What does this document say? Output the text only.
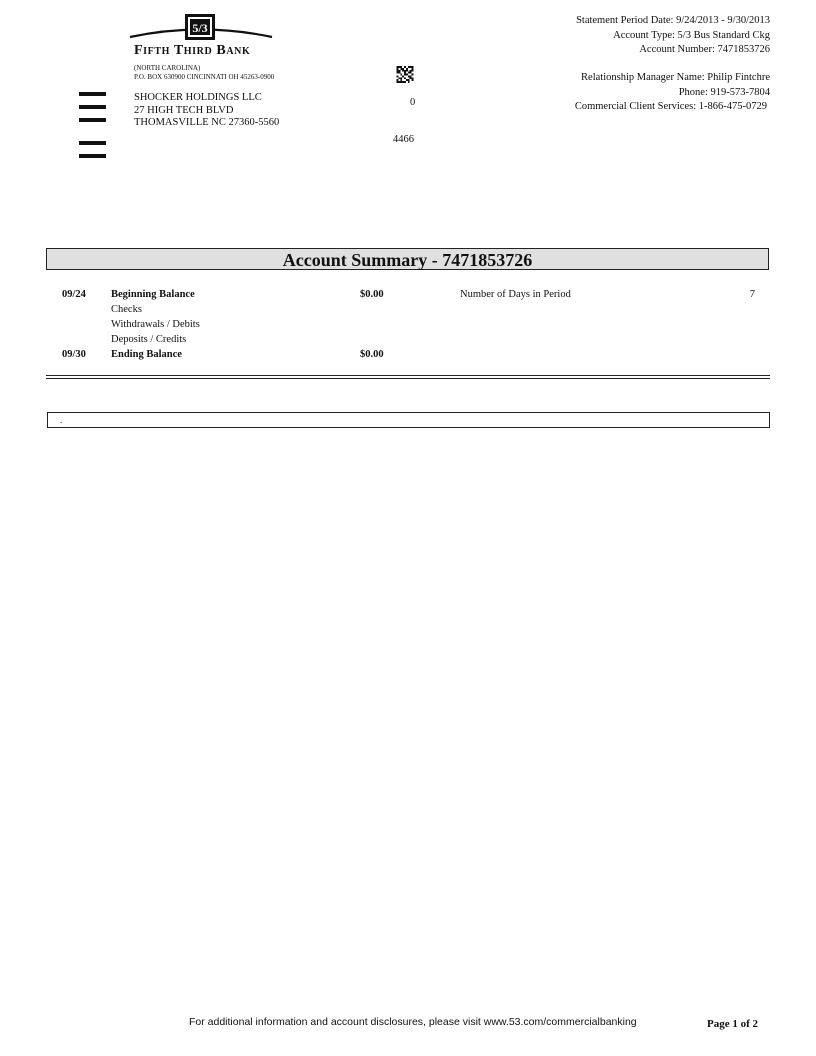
5/3
Fifth Third Bank
(NORTH CAROLINA)
P.O. BOX 630900 CINCINNATI OH 45263-0900
SHOCKER HOLDINGS LLC
27 HIGH TECH BLVD
THOMASVILLE NC 27360-5560
0
4466
Statement Period Date: 9/24/2013 - 9/30/2013
Account Type: 5/3 Bus Standard Ckg
Account Number: 7471853726
Relationship Manager Name: Philip Fintchre
Phone: 919-573-7804
Commercial Client Services: 1-866-475-0729
Account Summary - 7471853726
09/24 Beginning Balance	$0.00	Number of Days in Period	7
Checks
Withdrawals / Debits
Deposits / Credits
09/30 Ending Balance	$0.00
.
For additional information and account disclosures, please visit www.53.com/commercialbanking	Page 1 of 2
